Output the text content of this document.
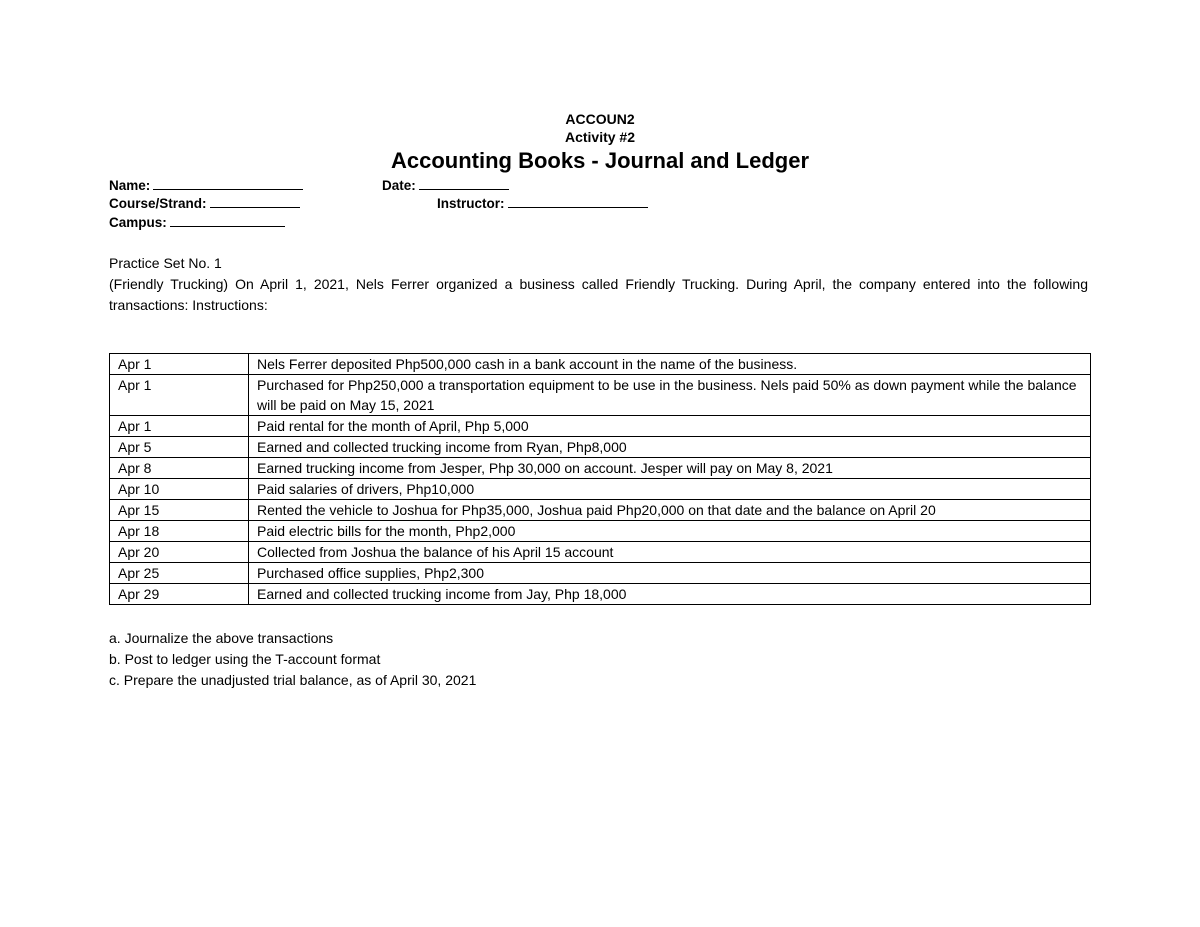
ACCOUN2
Activity #2
Accounting Books - Journal and Ledger
Name:	Date:
Course/Strand:	Instructor:
Campus:
Practice Set No. 1
(Friendly Trucking) On April 1, 2021, Nels Ferrer organized a business called Friendly Trucking. During April, the company entered into the following transactions: Instructions:
Apr 1	Nels Ferrer deposited Php500,000 cash in a bank account in the name of the business.
Apr 1	Purchased for Php250,000 a transportation equipment to be use in the business. Nels paid 50% as down payment while the balance will be paid on May 15, 2021
Apr 1	Paid rental for the month of April, Php 5,000
Apr 5	Earned and collected trucking income from Ryan, Php8,000
Apr 8	Earned trucking income from Jesper, Php 30,000 on account. Jesper will pay on May 8, 2021
Apr 10	Paid salaries of drivers, Php10,000
Apr 15	Rented the vehicle to Joshua for Php35,000, Joshua paid Php20,000 on that date and the balance on April 20
Apr 18	Paid electric bills for the month, Php2,000
Apr 20	Collected from Joshua the balance of his April 15 account
Apr 25	Purchased office supplies, Php2,300
Apr 29	Earned and collected trucking income from Jay, Php 18,000
a. Journalize the above transactions
b. Post to ledger using the T-account format
c. Prepare the unadjusted trial balance, as of April 30, 2021
